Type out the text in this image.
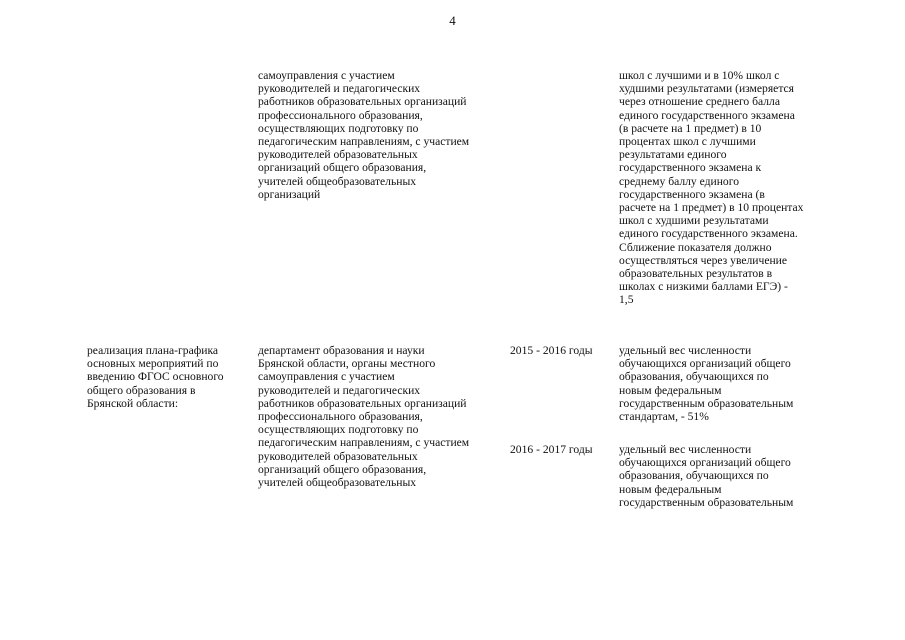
4
самоуправления с участием
руководителей и педагогических
работников образовательных организаций
профессионального образования,
осуществляющих подготовку по
педагогическим направлениям, с участием
руководителей образовательных
организаций общего образования,
учителей общеобразовательных
организаций
школ с лучшими и в 10% школ с
худшими результатами (измеряется
через отношение среднего балла
единого государственного экзамена
(в расчете на 1 предмет) в 10
процентах школ с лучшими
результатами единого
государственного экзамена к
среднему баллу единого
государственного экзамена (в
расчете на 1 предмет) в 10 процентах
школ с худшими результатами
единого государственного экзамена.
Сближение показателя должно
осуществляться через увеличение
образовательных результатов в
школах с низкими баллами ЕГЭ) -
1,5
реализация плана-графика
основных мероприятий по
введению ФГОС основного
общего образования в
Брянской области:
департамент образования и науки
Брянской области, органы местного
самоуправления с участием
руководителей и педагогических
работников образовательных организаций
профессионального образования,
осуществляющих подготовку по
педагогическим направлениям, с участием
руководителей образовательных
организаций общего образования,
учителей общеобразовательных
2015 - 2016 годы	удельный вес численности
обучающихся организаций общего
образования, обучающихся по
новым федеральным
государственным образовательным
стандартам, - 51%
2016 - 2017 годы	удельный вес численности
обучающихся организаций общего
образования, обучающихся по
новым федеральным
государственным образовательным
